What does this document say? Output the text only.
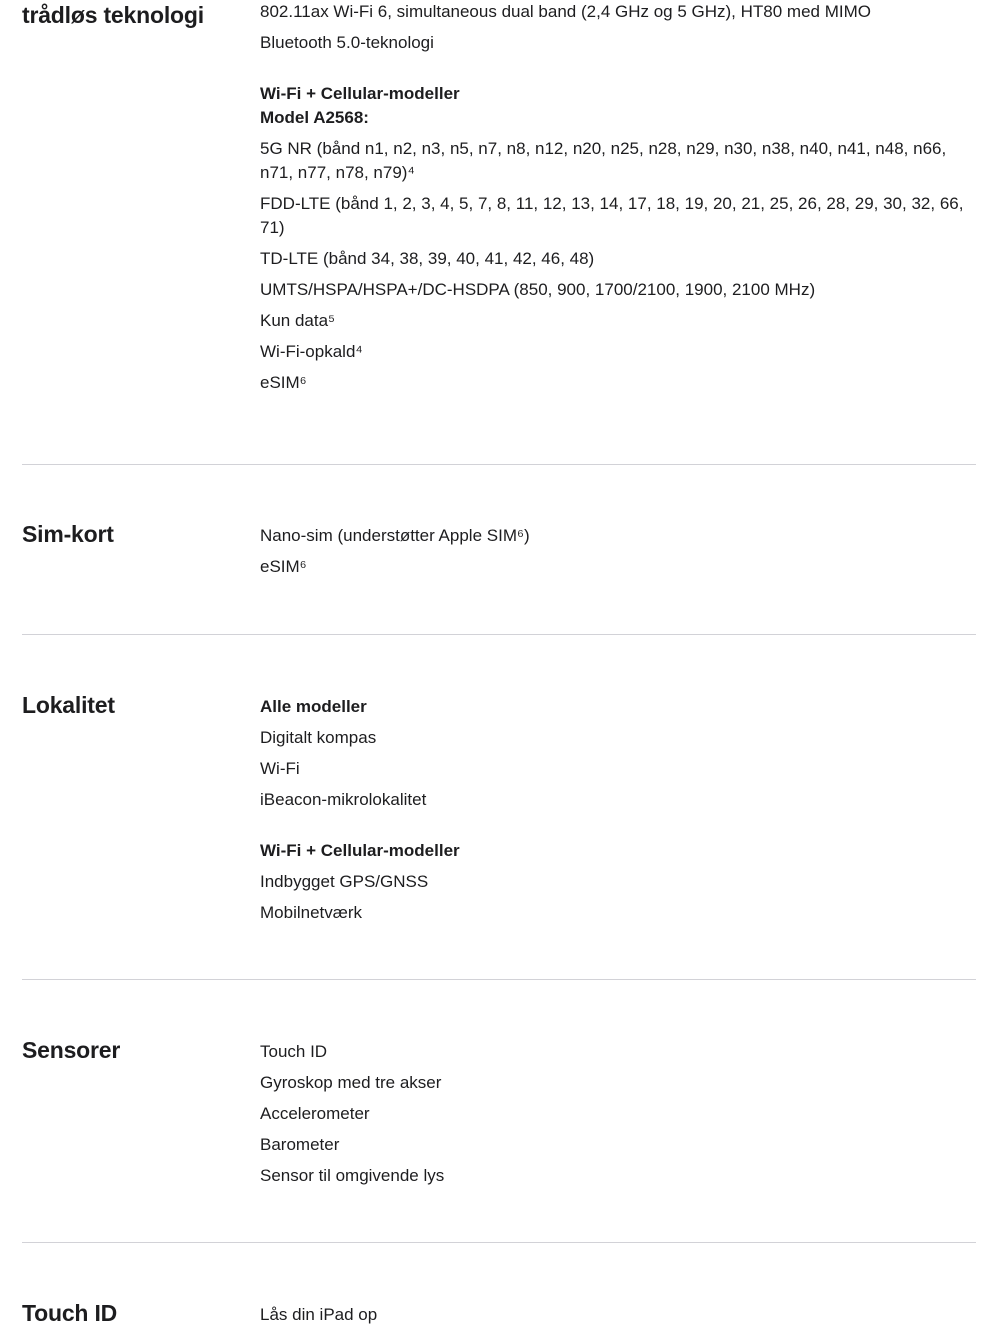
trådløs teknologi	802.11ax Wi-Fi 6, simultaneous dual band (2,4 GHz og 5 GHz), HT80 med MIMO
Bluetooth 5.0-teknologi
Wi-Fi + Cellular-modeller
Model A2568:
5G NR (bånd n1, n2, n3, n5, n7, n8, n12, n20, n25, n28, n29, n30, n38, n40, n41, n48, n66, n71, n77, n78, n79)⁴
FDD-LTE (bånd 1, 2, 3, 4, 5, 7, 8, 11, 12, 13, 14, 17, 18, 19, 20, 21, 25, 26, 28, 29, 30, 32, 66, 71)
TD-LTE (bånd 34, 38, 39, 40, 41, 42, 46, 48)
UMTS/HSPA/HSPA+/DC-HSDPA (850, 900, 1700/2100, 1900, 2100 MHz)
Kun data⁵
Wi-Fi-opkald⁴
eSIM⁶
Sim-kort	Nano-sim (understøtter Apple SIM⁶)
eSIM⁶
Lokalitet	Alle modeller
Digitalt kompas
Wi-Fi
iBeacon-mikrolokalitet
Wi-Fi + Cellular-modeller
Indbygget GPS/GNSS
Mobilnetværk
Sensorer	Touch ID
Gyroskop med tre akser
Accelerometer
Barometer
Sensor til omgivende lys
Touch ID	Lås din iPad op
